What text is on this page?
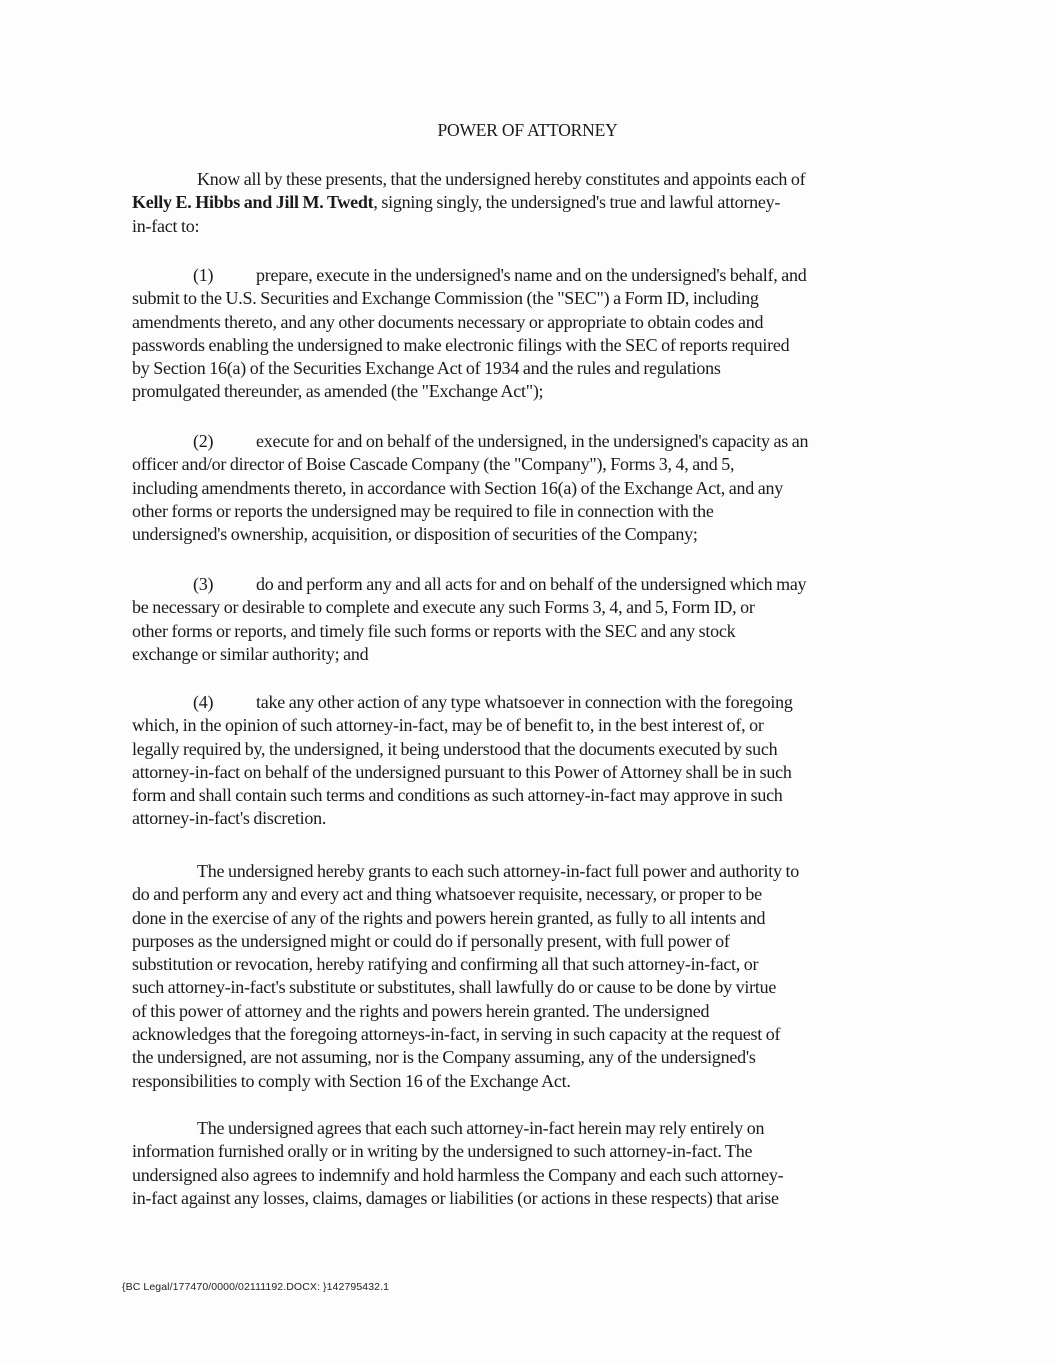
POWER OF ATTORNEY
Know all by these presents, that the undersigned hereby constitutes and appoints each of
Kelly E. Hibbs and Jill M. Twedt, signing singly, the undersigned's true and lawful attorney-
in-fact to:
(1) prepare, execute in the undersigned's name and on the undersigned's behalf, and
submit to the U.S. Securities and Exchange Commission (the "SEC") a Form ID, including
amendments thereto, and any other documents necessary or appropriate to obtain codes and
passwords enabling the undersigned to make electronic filings with the SEC of reports required
by Section 16(a) of the Securities Exchange Act of 1934 and the rules and regulations
promulgated thereunder, as amended (the "Exchange Act");
(2) execute for and on behalf of the undersigned, in the undersigned's capacity as an
officer and/or director of Boise Cascade Company (the "Company"), Forms 3, 4, and 5,
including amendments thereto, in accordance with Section 16(a) of the Exchange Act, and any
other forms or reports the undersigned may be required to file in connection with the
undersigned's ownership, acquisition, or disposition of securities of the Company;
(3) do and perform any and all acts for and on behalf of the undersigned which may
be necessary or desirable to complete and execute any such Forms 3, 4, and 5, Form ID, or
other forms or reports, and timely file such forms or reports with the SEC and any stock
exchange or similar authority; and
(4) take any other action of any type whatsoever in connection with the foregoing
which, in the opinion of such attorney-in-fact, may be of benefit to, in the best interest of, or
legally required by, the undersigned, it being understood that the documents executed by such
attorney-in-fact on behalf of the undersigned pursuant to this Power of Attorney shall be in such
form and shall contain such terms and conditions as such attorney-in-fact may approve in such
attorney-in-fact's discretion.
The undersigned hereby grants to each such attorney-in-fact full power and authority to
do and perform any and every act and thing whatsoever requisite, necessary, or proper to be
done in the exercise of any of the rights and powers herein granted, as fully to all intents and
purposes as the undersigned might or could do if personally present, with full power of
substitution or revocation, hereby ratifying and confirming all that such attorney-in-fact, or
such attorney-in-fact's substitute or substitutes, shall lawfully do or cause to be done by virtue
of this power of attorney and the rights and powers herein granted. The undersigned
acknowledges that the foregoing attorneys-in-fact, in serving in such capacity at the request of
the undersigned, are not assuming, nor is the Company assuming, any of the undersigned's
responsibilities to comply with Section 16 of the Exchange Act.
The undersigned agrees that each such attorney-in-fact herein may rely entirely on
information furnished orally or in writing by the undersigned to such attorney-in-fact. The
undersigned also agrees to indemnify and hold harmless the Company and each such attorney-
in-fact against any losses, claims, damages or liabilities (or actions in these respects) that arise
{BC Legal/177470/0000/02111192.DOCX: }142795432.1
